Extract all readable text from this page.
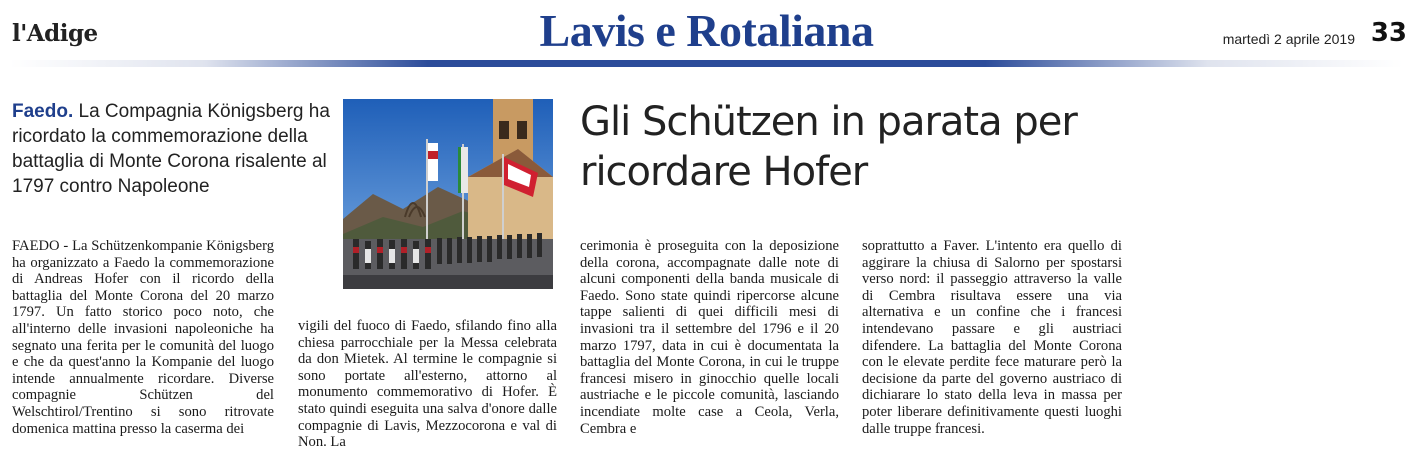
l'Adige	Lavis e Rotaliana	martedì 2 aprile 2019 33
Faedo. La Compagnia Königsberg ha ricordato la commemorazione della battaglia di Monte Corona risalente al 1797 contro Napoleone
Gli Schützen in parata per ricordare Hofer

FAEDO - La Schützenkompanie Königsberg ha organizzato a Faedo la commemorazione di Andreas Hofer con il ricordo della battaglia del Monte Corona del 20 marzo 1797. Un fatto storico poco noto, che all'interno delle invasioni napoleoniche ha segnato una ferita per le comunità del luogo e che da quest'anno la Kompanie del luogo intende annualmente ricordare. Diverse compagnie Schützen del Welschtirol/Trentino si sono ritrovate domenica mattina presso la caserma dei

vigili del fuoco di Faedo, sfilando fino alla chiesa parrocchiale per la Messa celebrata da don Mietek. Al termine le compagnie si sono portate all'esterno, attorno al monumento commemorativo di Hofer. È stato quindi eseguita una salva d'onore dalle compagnie di Lavis, Mezzocorona e val di Non. La

cerimonia è proseguita con la deposizione della corona, accompagnate dalle note di alcuni componenti della banda musicale di Faedo. Sono state quindi ripercorse alcune tappe salienti di quei difficili mesi di invasioni tra il settembre del 1796 e il 20 marzo 1797, data in cui è documentata la battaglia del Monte Corona, in cui le truppe francesi misero in ginocchio quelle locali austriache e le piccole comunità, lasciando incendiate molte case a Ceola, Verla, Cembra e

soprattutto a Faver. L'intento era quello di aggirare la chiusa di Salorno per spostarsi verso nord: il passeggio attraverso la valle di Cembra risultava essere una via alternativa e un confine che i francesi intendevano passare e gli austriaci difendere. La battaglia del Monte Corona con le elevate perdite fece maturare però la decisione da parte del governo austriaco di dichiarare lo stato della leva in massa per poter liberare definitivamente questi luoghi dalle truppe francesi.
